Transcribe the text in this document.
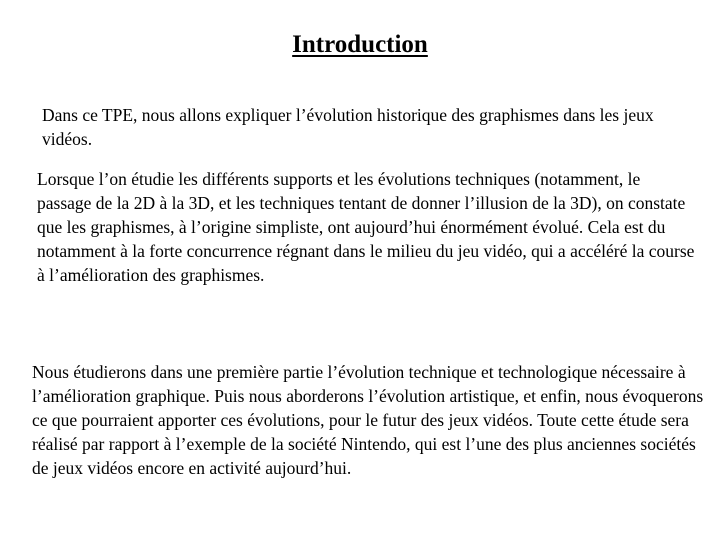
Introduction

Dans ce TPE, nous allons expliquer l’évolution historique des graphismes dans les jeux vidéos.

Lorsque l’on étudie les différents supports et les évolutions techniques (notamment, le passage de la 2D à la 3D, et les techniques tentant de donner l’illusion de la 3D), on constate que les graphismes, à l’origine simpliste, ont aujourd’hui énormément évolué. Cela est du notamment à la forte concurrence régnant dans le milieu du jeu vidéo, qui a accéléré la course à l’amélioration des graphismes.

Nous étudierons dans une première partie l’évolution technique et technologique nécessaire à l’amélioration graphique. Puis nous aborderons l’évolution artistique, et enfin, nous évoquerons ce que pourraient apporter ces évolutions, pour le futur des jeux vidéos. Toute cette étude sera réalisé par rapport à l’exemple de la société Nintendo, qui est l’une des plus anciennes sociétés de jeux vidéos encore en activité aujourd’hui.
